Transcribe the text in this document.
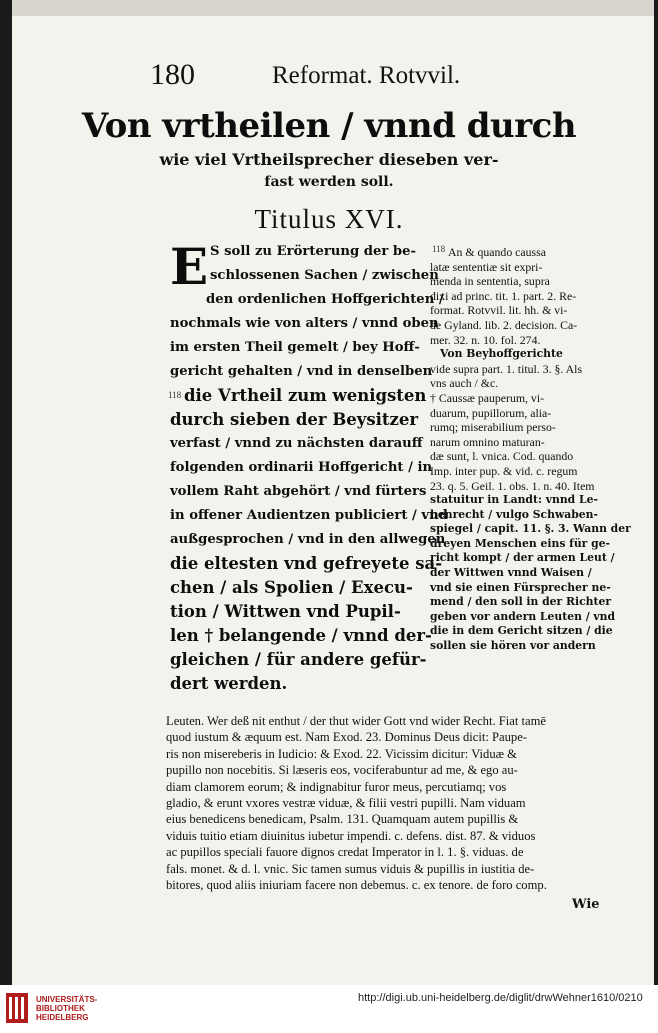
180	Reformat. Rotvvil.
Von vrtheilen / vnnd durch
wie viel Vrtheilsprecher dieseben ver-
fast werden soll.
Titulus XVI.
E
118
S soll zu Erörterung der be-
schlossenen Sachen / zwischen
den ordenlichen Hoffgerichten /
nochmals wie von alters / vnnd oben
im ersten Theil gemelt / bey Hoff-
gericht gehalten / vnd in denselben
die Vrtheil zum wenigsten
durch sieben der Beysitzer
verfast / vnnd zu nächsten darauff
folgenden ordinarii Hoffgericht / in
vollem Raht abgehört / vnd fürters
in offener Audientzen publiciert / vnd
außgesprochen / vnd in den allwegen
die eltesten vnd gefreyete sa-
chen / als Spolien / Execu-
tion / Wittwen vnd Pupil-
len † belangende / vnnd der-
gleichen / für andere gefür-
dert werden.
118 An & quando caussa
latæ sententiæ sit expri-
menda in sententia, supra
dixi ad princ. tit. 1. part. 2. Re-
format. Rotvvil. lit. hh. & vi-
de Gyland. lib. 2. decision. Ca-
mer. 32. n. 10. fol. 274.
Von Beyhoffgerichte
vide supra part. 1. titul. 3. §. Als
vns auch / &c.
† Caussæ pauperum, vi-
duarum, pupillorum, alia-
rumq; miserabilium perso-
narum omnino maturan-
dæ sunt, l. vnica. Cod. quando
Imp. inter pup. & vid. c. regum
23. q. 5. Geil. 1. obs. 1. n. 40. Item
statuitur in Landt: vnnd Le-
henrecht / vulgo Schwaben-
spiegel / capit. 11. §. 3. Wann der
dreyen Menschen eins für ge-
richt kompt / der armen Leut /
der Wittwen vnnd Waisen /
vnd sie einen Fürsprecher ne-
mend / den soll in der Richter
geben vor andern Leuten / vnd
die in dem Gericht sitzen / die
sollen sie hören vor andern
Leuten. Wer deß nit enthut / der thut wider Gott vnd wider Recht. Fiat tamē
quod iustum & æquum est. Nam Exod. 23. Dominus Deus dicit: Paupe-
ris non misereberis in Iudicio: & Exod. 22. Vicissim dicitur: Viduæ &
pupillo non nocebitis. Si læseris eos, vociferabuntur ad me, & ego au-
diam clamorem eorum; & indignabitur furor meus, percutiamq; vos
gladio, & erunt vxores vestræ viduæ, & filii vestri pupilli. Nam viduam
eius benedicens benedicam, Psalm. 131. Quamquam autem pupillis &
viduis tuitio etiam diuinitus iubetur impendi. c. defens. dist. 87. & viduos
ac pupillos speciali fauore dignos credat Imperator in l. 1. §. viduas. de
fals. monet. & d. l. vnic. Sic tamen sumus viduis & pupillis in iustitia de-
bitores, quod aliis iniuriam facere non debemus. c. ex tenore. de foro comp.
Wie
UNIVERSITÄTS-
BIBLIOTHEK
HEIDELBERG
http://digi.ub.uni-heidelberg.de/diglit/drwWehner1610/0210
